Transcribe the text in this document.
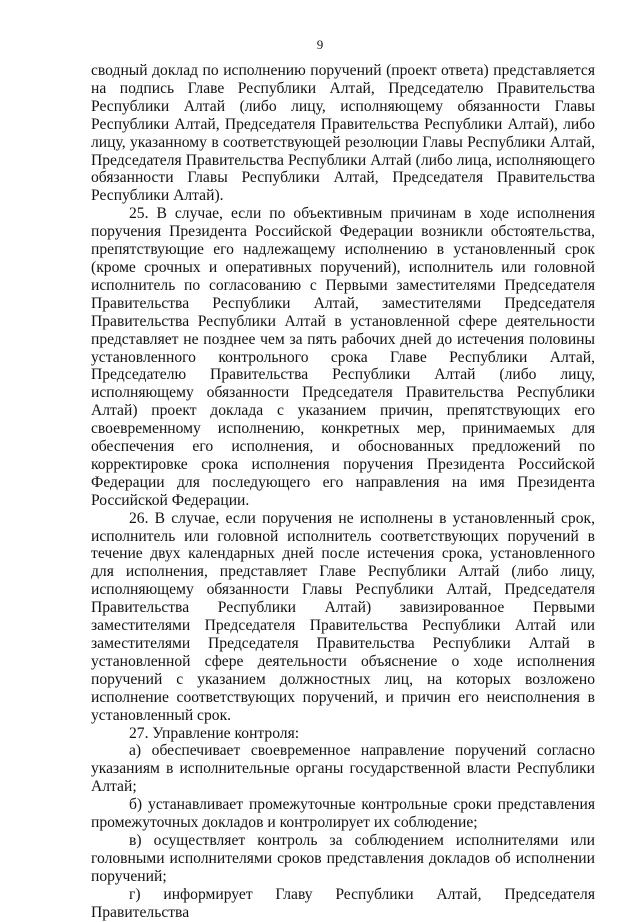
9

сводный доклад по исполнению поручений (проект ответа) представляется на подпись Главе Республики Алтай, Председателю Правительства Республики Алтай (либо лицу, исполняющему обязанности Главы Республики Алтай, Председателя Правительства Республики Алтай), либо лицу, указанному в соответствующей резолюции Главы Республики Алтай, Председателя Правительства Республики Алтай (либо лица, исполняющего обязанности Главы Республики Алтай, Председателя Правительства Республики Алтай).

25. В случае, если по объективным причинам в ходе исполнения поручения Президента Российской Федерации возникли обстоятельства, препятствующие его надлежащему исполнению в установленный срок (кроме срочных и оперативных поручений), исполнитель или головной исполнитель по согласованию с Первыми заместителями Председателя Правительства Республики Алтай, заместителями Председателя Правительства Республики Алтай в установленной сфере деятельности представляет не позднее чем за пять рабочих дней до истечения половины установленного контрольного срока Главе Республики Алтай, Председателю Правительства Республики Алтай (либо лицу, исполняющему обязанности Председателя Правительства Республики Алтай) проект доклада с указанием причин, препятствующих его своевременному исполнению, конкретных мер, принимаемых для обеспечения его исполнения, и обоснованных предложений по корректировке срока исполнения поручения Президента Российской Федерации для последующего его направления на имя Президента Российской Федерации.

26. В случае, если поручения не исполнены в установленный срок, исполнитель или головной исполнитель соответствующих поручений в течение двух календарных дней после истечения срока, установленного для исполнения, представляет Главе Республики Алтай (либо лицу, исполняющему обязанности Главы Республики Алтай, Председателя Правительства Республики Алтай) завизированное Первыми заместителями Председателя Правительства Республики Алтай или заместителями Председателя Правительства Республики Алтай в установленной сфере деятельности объяснение о ходе исполнения поручений с указанием должностных лиц, на которых возложено исполнение соответствующих поручений, и причин его неисполнения в установленный срок.

27. Управление контроля:

а) обеспечивает своевременное направление поручений согласно указаниям в исполнительные органы государственной власти Республики Алтай;

б) устанавливает промежуточные контрольные сроки представления промежуточных докладов и контролирует их соблюдение;

в) осуществляет контроль за соблюдением исполнителями или головными исполнителями сроков представления докладов об исполнении поручений;

г) информирует Главу Республики Алтай, Председателя Правительства
